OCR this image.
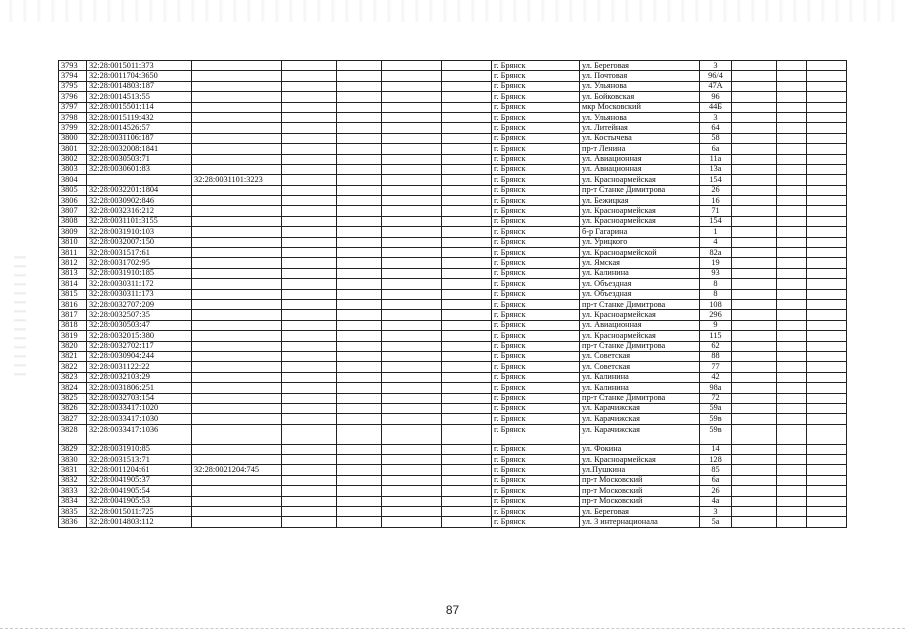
3793	32:28:0015011:373						г. Брянск	ул. Береговая	3			
3794	32:28:0011704:3650						г. Брянск	ул. Почтовая	96/4			
3795	32:28:0014803:187						г. Брянск	ул. Ульянова	47А			
3796	32:28:0014513:55						г. Брянск	ул. Бойковская	96			
3797	32:28:0015501:114						г. Брянск	мкр Московский	44Б			
3798	32:28:0015119:432						г. Брянск	ул. Ульянова	3			
3799	32:28:0014526:57						г. Брянск	ул. Литейная	64			
3800	32:28:0031106:187						г. Брянск	ул. Костычева	58			
3801	32:28:0032008:1841						г. Брянск	пр-т Ленина	6а			
3802	32:28:0030503:71						г. Брянск	ул. Авиационная	11а			
3803	32:28:0030601:83						г. Брянск	ул. Авиационная	13а			
3804		32:28:0031101:3223					г. Брянск	ул. Красноармейская	154			
3805	32:28:0032201:1804						г. Брянск	пр-т Станке Димитрова	26			
3806	32:28:0030902:846						г. Брянск	ул. Бежицкая	16			
3807	32:28:0032316:212						г. Брянск	ул. Красноармейская	71			
3808	32:28:0031101:3155						г. Брянск	ул. Красноармейская	154			
3809	32:28:0031910:103						г. Брянск	б-р Гагарина	1			
3810	32:28:0032007:150						г. Брянск	ул. Урицкого	4			
3811	32:28:0031517:61						г. Брянск	ул. Красноармейской	82а			
3812	32:28:0031702:95						г. Брянск	ул. Ямская	19			
3813	32:28:0031910:185						г. Брянск	ул. Калинина	93			
3814	32:28:0030311:172						г. Брянск	ул. Объездная	8			
3815	32:28:0030311:173						г. Брянск	ул. Объездная	8			
3816	32:28:0032707:209						г. Брянск	пр-т Станке Димитрова	108			
3817	32:28:0032507:35						г. Брянск	ул. Красноармейская	296			
3818	32:28:0030503:47						г. Брянск	ул. Авиационная	9			
3819	32:28:0032015:380						г. Брянск	ул. Красноармейская	115			
3820	32:28:0032702:117						г. Брянск	пр-т Станке Димитрова	62			
3821	32:28:0030904:244						г. Брянск	ул. Советская	88			
3822	32:28:0031122:22						г. Брянск	ул. Советская	77			
3823	32:28:0032103:29						г. Брянск	ул. Калинина	42			
3824	32:28:0031806:251						г. Брянск	ул. Калинина	98а			
3825	32:28:0032703:154						г. Брянск	пр-т Станке Димитрова	72			
3826	32:28:0033417:1020						г. Брянск	ул. Карачижская	59а			
3827	32:28:0033417:1030						г. Брянск	ул. Карачижская	59в			
3828	32:28:0033417:1036						г. Брянск	ул. Карачижская	59в			
3829	32:28:0031910:85						г. Брянск	ул. Фокина	14			
3830	32:28:0031513:71						г. Брянск	ул. Красноармейская	128			
3831	32:28:0011204:61	32:28:0021204:745					г. Брянск	ул.Пушкина	85			
3832	32:28:0041905:37						г. Брянск	пр-т Московский	6а			
3833	32:28:0041905:54						г. Брянск	пр-т Московский	26			
3834	32:28:0041905:53						г. Брянск	пр-т Московский	4а			
3835	32:28:0015011:725						г. Брянск	ул. Береговая	3			
3836	32:28:0014803:112						г. Брянск	ул. 3 интернационала	5а			
87
